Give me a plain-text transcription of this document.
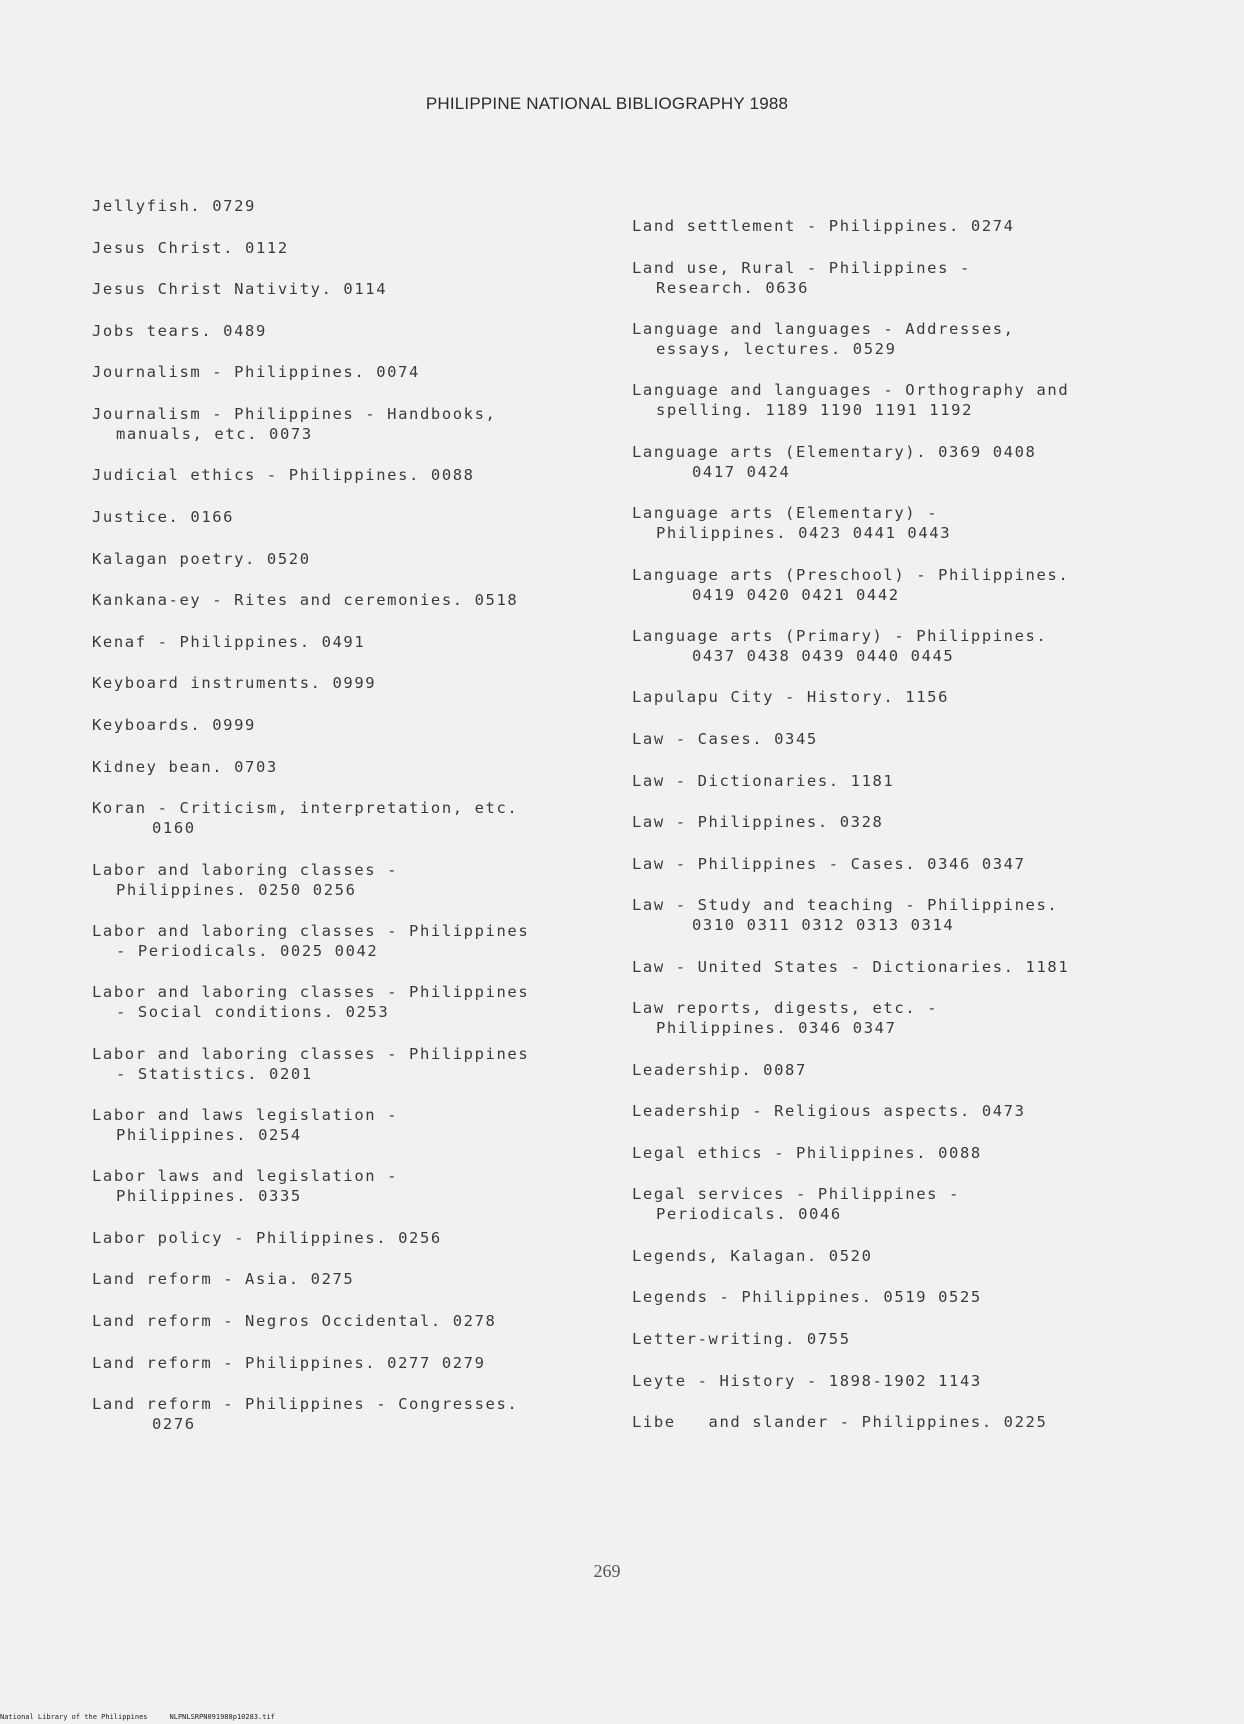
PHILIPPINE NATIONAL BIBLIOGRAPHY 1988
Jellyfish. 0729
Jesus Christ. 0112
Jesus Christ Nativity. 0114
Jobs tears. 0489
Journalism - Philippines. 0074
Journalism - Philippines - Handbooks,
manuals, etc. 0073
Judicial ethics - Philippines. 0088
Justice. 0166
Kalagan poetry. 0520
Kankana-ey - Rites and ceremonies. 0518
Kenaf - Philippines. 0491
Keyboard instruments. 0999
Keyboards. 0999
Kidney bean. 0703
Koran - Criticism, interpretation, etc.
0160
Labor and laboring classes -
Philippines. 0250 0256
Labor and laboring classes - Philippines
- Periodicals. 0025 0042
Labor and laboring classes - Philippines
- Social conditions. 0253
Labor and laboring classes - Philippines
- Statistics. 0201
Labor and laws legislation -
Philippines. 0254
Labor laws and legislation -
Philippines. 0335
Labor policy - Philippines. 0256
Land reform - Asia. 0275
Land reform - Negros Occidental. 0278
Land reform - Philippines. 0277 0279
Land reform - Philippines - Congresses.
0276
Land settlement - Philippines. 0274
Land use, Rural - Philippines -
Research. 0636
Language and languages - Addresses,
essays, lectures. 0529
Language and languages - Orthography and
spelling. 1189 1190 1191 1192
Language arts (Elementary). 0369 0408
0417 0424
Language arts (Elementary) -
Philippines. 0423 0441 0443
Language arts (Preschool) - Philippines.
0419 0420 0421 0442
Language arts (Primary) - Philippines.
0437 0438 0439 0440 0445
Lapulapu City - History. 1156
Law - Cases. 0345
Law - Dictionaries. 1181
Law - Philippines. 0328
Law - Philippines - Cases. 0346 0347
Law - Study and teaching - Philippines.
0310 0311 0312 0313 0314
Law - United States - Dictionaries. 1181
Law reports, digests, etc. -
Philippines. 0346 0347
Leadership. 0087
Leadership - Religious aspects. 0473
Legal ethics - Philippines. 0088
Legal services - Philippines -
Periodicals. 0046
Legends, Kalagan. 0520
Legends - Philippines. 0519 0525
Letter-writing. 0755
Leyte - History - 1898-1902 1143
Libe   and slander - Philippines. 0225
269
National Library of the Philippines	NLPNLSRPN091988p10283.tif
